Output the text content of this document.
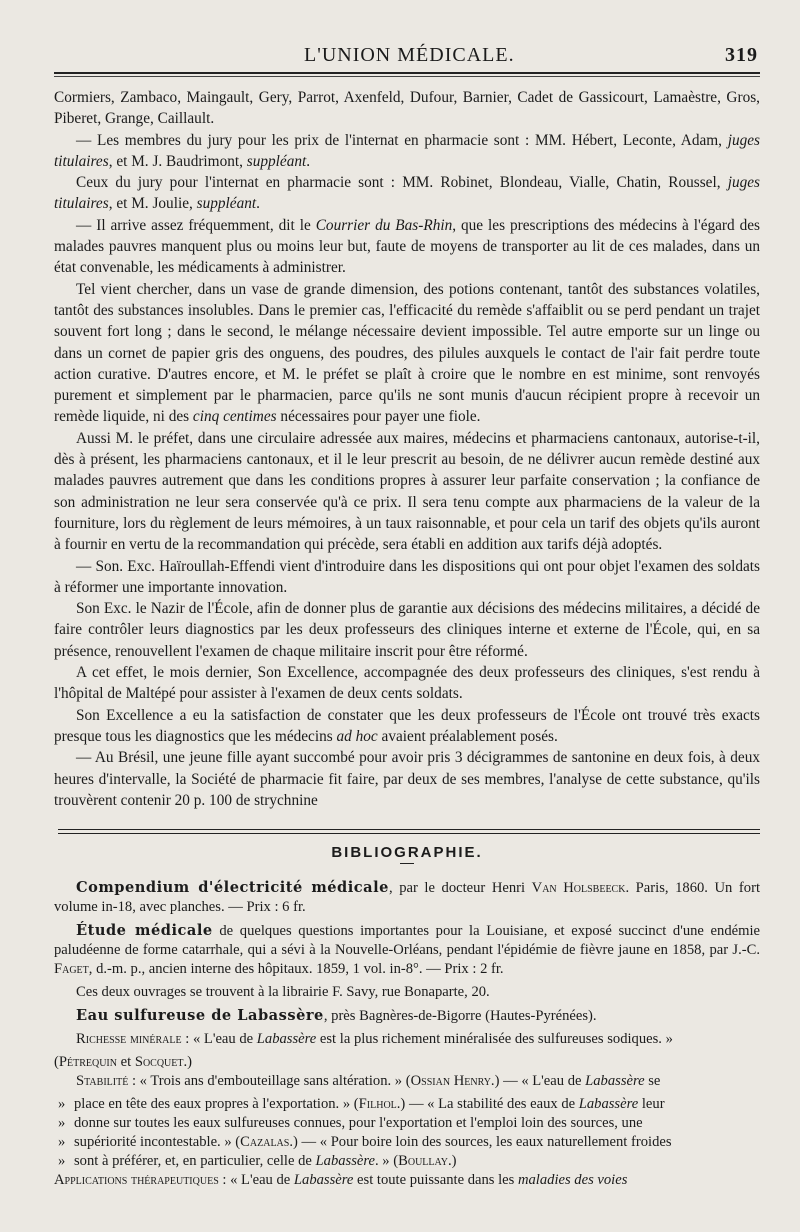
L'UNION MÉDICALE.	319

Cormiers, Zambaco, Maingault, Gery, Parrot, Axenfeld, Dufour, Barnier, Cadet de Gassicourt, Lamaèstre, Gros, Piberet, Grange, Caillault.

— Les membres du jury pour les prix de l'internat en pharmacie sont : MM. Hébert, Leconte, Adam, juges titulaires, et M. J. Baudrimont, suppléant.

Ceux du jury pour l'internat en pharmacie sont : MM. Robinet, Blondeau, Vialle, Chatin, Roussel, juges titulaires, et M. Joulie, suppléant.

— Il arrive assez fréquemment, dit le Courrier du Bas-Rhin, que les prescriptions des médecins à l'égard des malades pauvres manquent plus ou moins leur but, faute de moyens de transporter au lit de ces malades, dans un état convenable, les médicaments à administrer.

Tel vient chercher, dans un vase de grande dimension, des potions contenant, tantôt des substances volatiles, tantôt des substances insolubles. Dans le premier cas, l'efficacité du remède s'affaiblit ou se perd pendant un trajet souvent fort long ; dans le second, le mélange nécessaire devient impossible. Tel autre emporte sur un linge ou dans un cornet de papier gris des onguens, des poudres, des pilules auxquels le contact de l'air fait perdre toute action curative. D'autres encore, et M. le préfet se plaît à croire que le nombre en est minime, sont renvoyés purement et simplement par le pharmacien, parce qu'ils ne sont munis d'aucun récipient propre à recevoir un remède liquide, ni des cinq centimes nécessaires pour payer une fiole.

Aussi M. le préfet, dans une circulaire adressée aux maires, médecins et pharmaciens cantonaux, autorise-t-il, dès à présent, les pharmaciens cantonaux, et il le leur prescrit au besoin, de ne délivrer aucun remède destiné aux malades pauvres autrement que dans les conditions propres à assurer leur parfaite conservation ; la confiance de son administration ne leur sera conservée qu'à ce prix. Il sera tenu compte aux pharmaciens de la valeur de la fourniture, lors du règlement de leurs mémoires, à un taux raisonnable, et pour cela un tarif des objets qu'ils auront à fournir en vertu de la recommandation qui précède, sera établi en addition aux tarifs déjà adoptés.

— Son. Exc. Haïroullah-Effendi vient d'introduire dans les dispositions qui ont pour objet l'examen des soldats à réformer une importante innovation.

Son Exc. le Nazir de l'École, afin de donner plus de garantie aux décisions des médecins militaires, a décidé de faire contrôler leurs diagnostics par les deux professeurs des cliniques interne et externe de l'École, qui, en sa présence, renouvellent l'examen de chaque militaire inscrit pour être réformé.

A cet effet, le mois dernier, Son Excellence, accompagnée des deux professeurs des cliniques, s'est rendu à l'hôpital de Maltépé pour assister à l'examen de deux cents soldats.

Son Excellence a eu la satisfaction de constater que les deux professeurs de l'École ont trouvé très exacts presque tous les diagnostics que les médecins ad hoc avaient préalablement posés.

— Au Brésil, une jeune fille ayant succombé pour avoir pris 3 décigrammes de santonine en deux fois, à deux heures d'intervalle, la Société de pharmacie fit faire, par deux de ses membres, l'analyse de cette substance, qu'ils trouvèrent contenir 20 p. 100 de strychnine

BIBLIOGRAPHIE.

Compendium d'électricité médicale, par le docteur Henri Van Holsbeeck. Paris, 1860. Un fort volume in-18, avec planches. — Prix : 6 fr.

Étude médicale de quelques questions importantes pour la Louisiane, et exposé succinct d'une endémie paludéenne de forme catarrhale, qui a sévi à la Nouvelle-Orléans, pendant l'épidémie de fièvre jaune en 1858, par J.-C. Faget, d.-m. p., ancien interne des hôpitaux. 1859, 1 vol. in-8°. — Prix : 2 fr.

Ces deux ouvrages se trouvent à la librairie F. Savy, rue Bonaparte, 20.

Eau sulfureuse de Labassère, près Bagnères-de-Bigorre (Hautes-Pyrénées).

Richesse minérale : « L'eau de Labassère est la plus richement minéralisée des sulfureuses sodiques. »

(Pétrequin et Socquet.)

Stabilité : « Trois ans d'embouteillage sans altération. » (Ossian Henry.) — « L'eau de Labassère se

» place en tête des eaux propres à l'exportation. » (Filhol.) — « La stabilité des eaux de Labassère leur

» donne sur toutes les eaux sulfureuses connues, pour l'exportation et l'emploi loin des sources, une

» supériorité incontestable. » (Cazalas.) — « Pour boire loin des sources, les eaux naturellement froides

» sont à préférer, et, en particulier, celle de Labassère. » (Boullay.)

Applications thérapeutiques : « L'eau de Labassère est toute puissante dans les maladies des voies
